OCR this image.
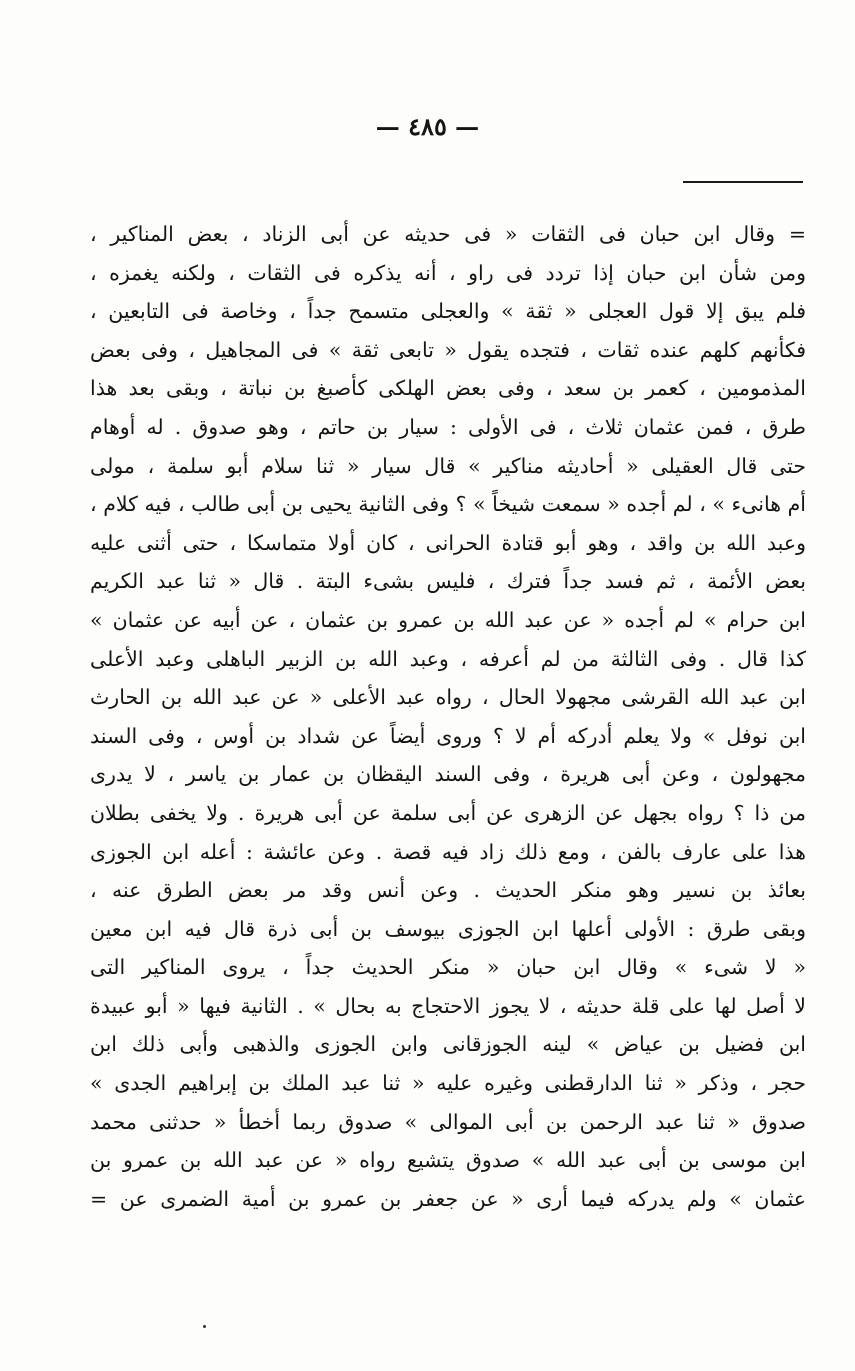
— ٤٨٥ —
= وقال ابن حبان فى الثقات « فى حديثه عن أبى الزناد ، بعض المناكير ،
ومن شأن ابن حبان إذا تردد فى راو ، أنه يذكره فى الثقات ، ولكنه يغمزه ،
فلم يبق إلا قول العجلى « ثقة » والعجلى متسمح جداً ، وخاصة فى التابعين ،
فكأنهم كلهم عنده ثقات ، فتجده يقول « تابعى ثقة » فى المجاهيل ، وفى بعض
المذمومين ، كعمر بن سعد ، وفى بعض الهلكى كأصبغ بن نباتة ، وبقى بعد هذا
طرق ، فمن عثمان ثلاث ، فى الأولى : سيار بن حاتم ، وهو صدوق . له أوهام
حتى قال العقيلى « أحاديثه مناكير » قال سيار « ثنا سلام أبو سلمة ، مولى
أم هانىء » ، لم أجده « سمعت شيخاً » ؟ وفى الثانية يحيى بن أبى طالب ، فيه كلام ،
وعبد الله بن واقد ، وهو أبو قتادة الحرانى ، كان أولا متماسكا ، حتى أثنى عليه
بعض الأئمة ، ثم فسد جداً فترك ، فليس بشىء البتة . قال « ثنا عبد الكريم
ابن حرام » لم أجده « عن عبد الله بن عمرو بن عثمان ، عن أبيه عن عثمان »
كذا قال . وفى الثالثة من لم أعرفه ، وعبد الله بن الزبير الباهلى وعبد الأعلى
ابن عبد الله القرشى مجهولا الحال ، رواه عبد الأعلى « عن عبد الله بن الحارث
ابن نوفل » ولا يعلم أدركه أم لا ؟ وروى أيضاً عن شداد بن أوس ، وفى السند
مجهولون ، وعن أبى هريرة ، وفى السند اليقظان بن عمار بن ياسر ، لا يدرى
من ذا ؟ رواه بجهل عن الزهرى عن أبى سلمة عن أبى هريرة . ولا يخفى بطلان
هذا على عارف بالفن ، ومع ذلك زاد فيه قصة . وعن عائشة : أعله ابن الجوزى
بعائذ بن نسير وهو منكر الحديث . وعن أنس وقد مر بعض الطرق عنه ،
وبقى طرق : الأولى أعلها ابن الجوزى بيوسف بن أبى ذرة قال فيه ابن معين
« لا شىء » وقال ابن حبان « منكر الحديث جداً ، يروى المناكير التى
لا أصل لها على قلة حديثه ، لا يجوز الاحتجاج به بحال » . الثانية فيها « أبو عبيدة
ابن فضيل بن عياض » لينه الجوزقانى وابن الجوزى والذهبى وأبى ذلك ابن
حجر ، وذكر « ثنا الدارقطنى وغيره عليه « ثنا عبد الملك بن إبراهيم الجدى »
صدوق « ثنا عبد الرحمن بن أبى الموالى » صدوق ربما أخطأ « حدثنى محمد
ابن موسى بن أبى عبد الله » صدوق يتشيع رواه « عن عبد الله بن عمرو بن
عثمان » ولم يدركه فيما أرى « عن جعفر بن عمرو بن أمية الضمرى عن =
